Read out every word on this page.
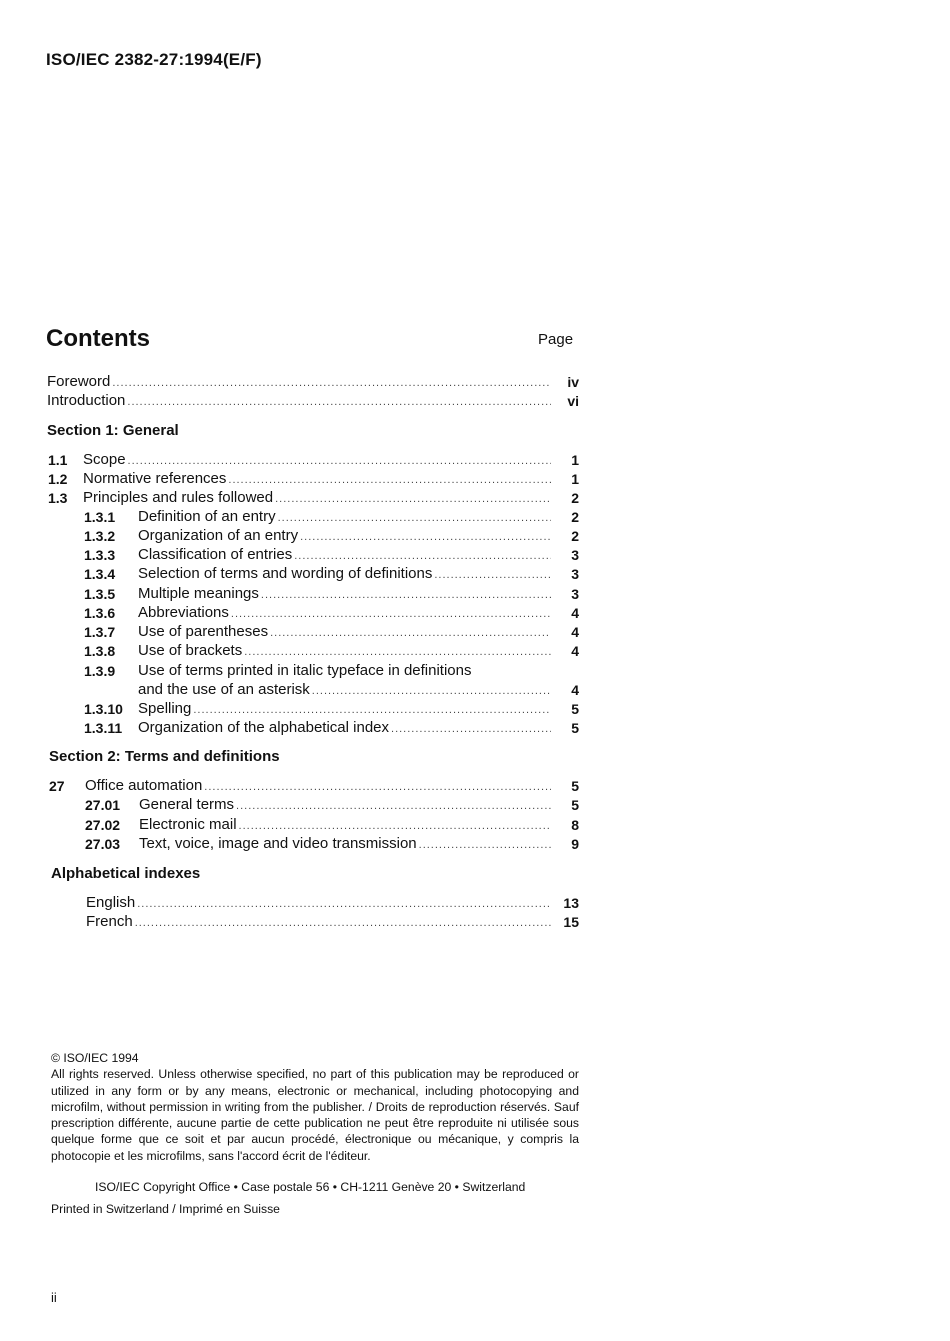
ISO/IEC 2382-27:1994(E/F)
Contents	Page
Foreword .....	iv
Introduction .....	vi
Section 1: General
1.1 Scope .....	1
1.2 Normative references .....	1
1.3 Principles and rules followed .....	2
1.3.1 Definition of an entry .....	2
1.3.2 Organization of an entry .....	2
1.3.3 Classification of entries .....	3
1.3.4 Selection of terms and wording of definitions .....	3
1.3.5 Multiple meanings .....	3
1.3.6 Abbreviations .....	4
1.3.7 Use of parentheses .....	4
1.3.8 Use of brackets .....	4
1.3.9 Use of terms printed in italic typeface in definitions
and the use of an asterisk .....	4
1.3.10 Spelling .....	5
1.3.11 Organization of the alphabetical index .....	5
Section 2: Terms and definitions
27 Office automation .....	5
27.01 General terms .....	5
27.02 Electronic mail .....	8
27.03 Text, voice, image and video transmission .....	9
Alphabetical indexes
English .....	13
French .....	15

© ISO/IEC 1994

All rights reserved. Unless otherwise specified, no part of this publication may be reproduced or utilized in any form or by any means, electronic or mechanical, including photocopying and microfilm, without permission in writing from the publisher. / Droits de reproduction réservés. Sauf prescription différente, aucune partie de cette publication ne peut être reproduite ni utilisée sous quelque forme que ce soit et par aucun procédé, électronique ou mécanique, y compris la photocopie et les microfilms, sans l'accord écrit de l'éditeur.

ISO/IEC Copyright Office • Case postale 56 • CH-1211 Genève 20 • Switzerland
Printed in Switzerland / Imprimé en Suisse
ii
